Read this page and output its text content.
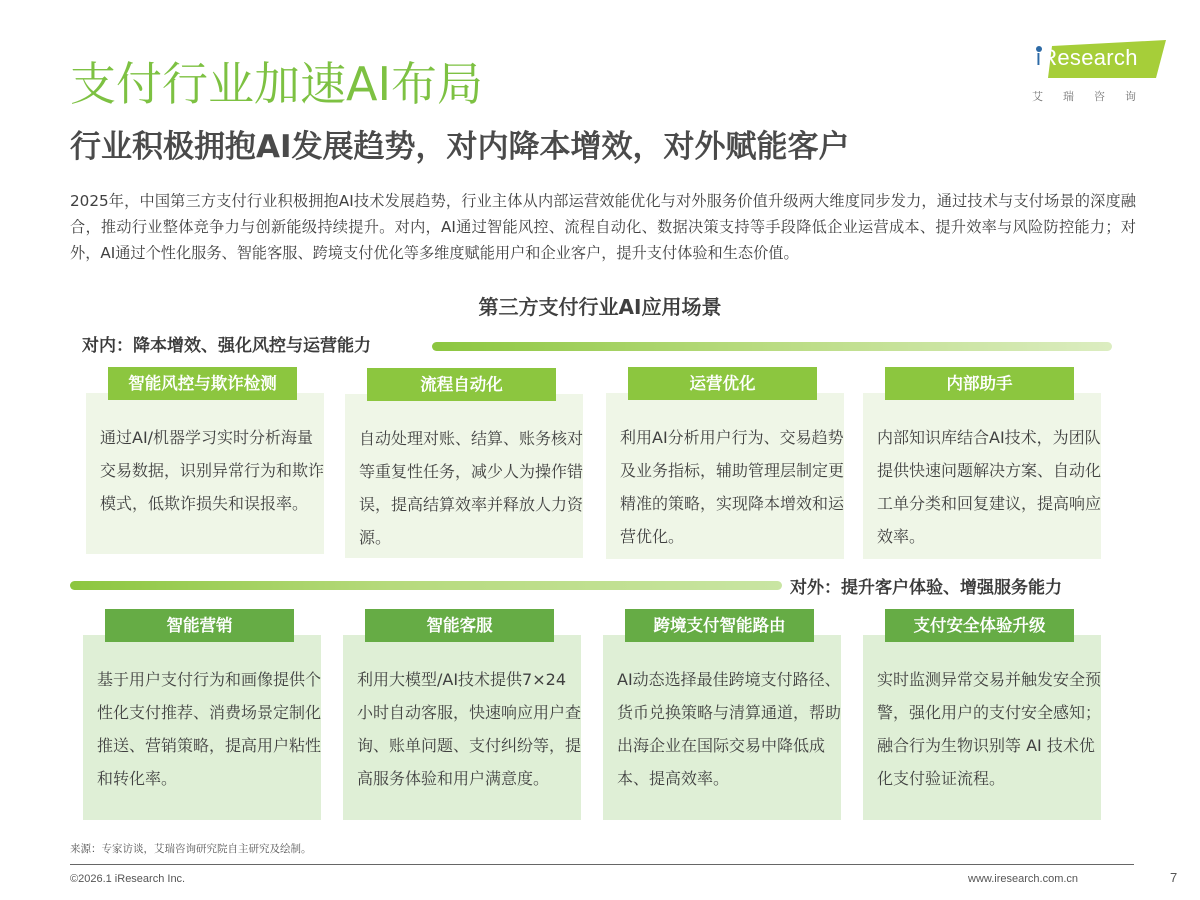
支付行业加速AI布局
行业积极拥抱AI发展趋势，对内降本增效，对外赋能客户
iResearch
艾瑞咨询

2025年，中国第三方支付行业积极拥抱AI技术发展趋势，行业主体从内部运营效能优化与对外服务价值升级两大维度同步发力，通过技术与支付场景的深度融合，推动行业整体竞争力与创新能级持续提升。对内，AI通过智能风控、流程自动化、数据决策支持等手段降低企业运营成本、提升效率与风险防控能力；对外，AI通过个性化服务、智能客服、跨境支付优化等多维度赋能用户和企业客户，提升支付体验和生态价值。

第三方支付行业AI应用场景
对内：降本增效、强化风控与运营能力
智能风控与欺诈检测
通过AI/机器学习实时分析海量交易数据，识别异常行为和欺诈模式，低欺诈损失和误报率。
流程自动化
自动处理对账、结算、账务核对等重复性任务，减少人为操作错误，提高结算效率并释放人力资源。
运营优化
利用AI分析用户行为、交易趋势及业务指标，辅助管理层制定更精准的策略，实现降本增效和运营优化。
内部助手
内部知识库结合AI技术，为团队提供快速问题解决方案、自动化工单分类和回复建议，提高响应效率。
对外：提升客户体验、增强服务能力
智能营销
基于用户支付行为和画像提供个性化支付推荐、消费场景定制化推送、营销策略，提高用户粘性和转化率。
智能客服
利用大模型/AI技术提供7×24小时自动客服，快速响应用户查询、账单问题、支付纠纷等，提高服务体验和用户满意度。
跨境支付智能路由
AI动态选择最佳跨境支付路径、货币兑换策略与清算通道，帮助出海企业在国际交易中降低成本、提高效率。
支付安全体验升级
实时监测异常交易并触发安全预警，强化用户的支付安全感知；融合行为生物识别等 AI 技术优化支付验证流程。
来源：专家访谈，艾瑞咨询研究院自主研究及绘制。
©2026.1 iResearch Inc.	www.iresearch.com.cn	7
